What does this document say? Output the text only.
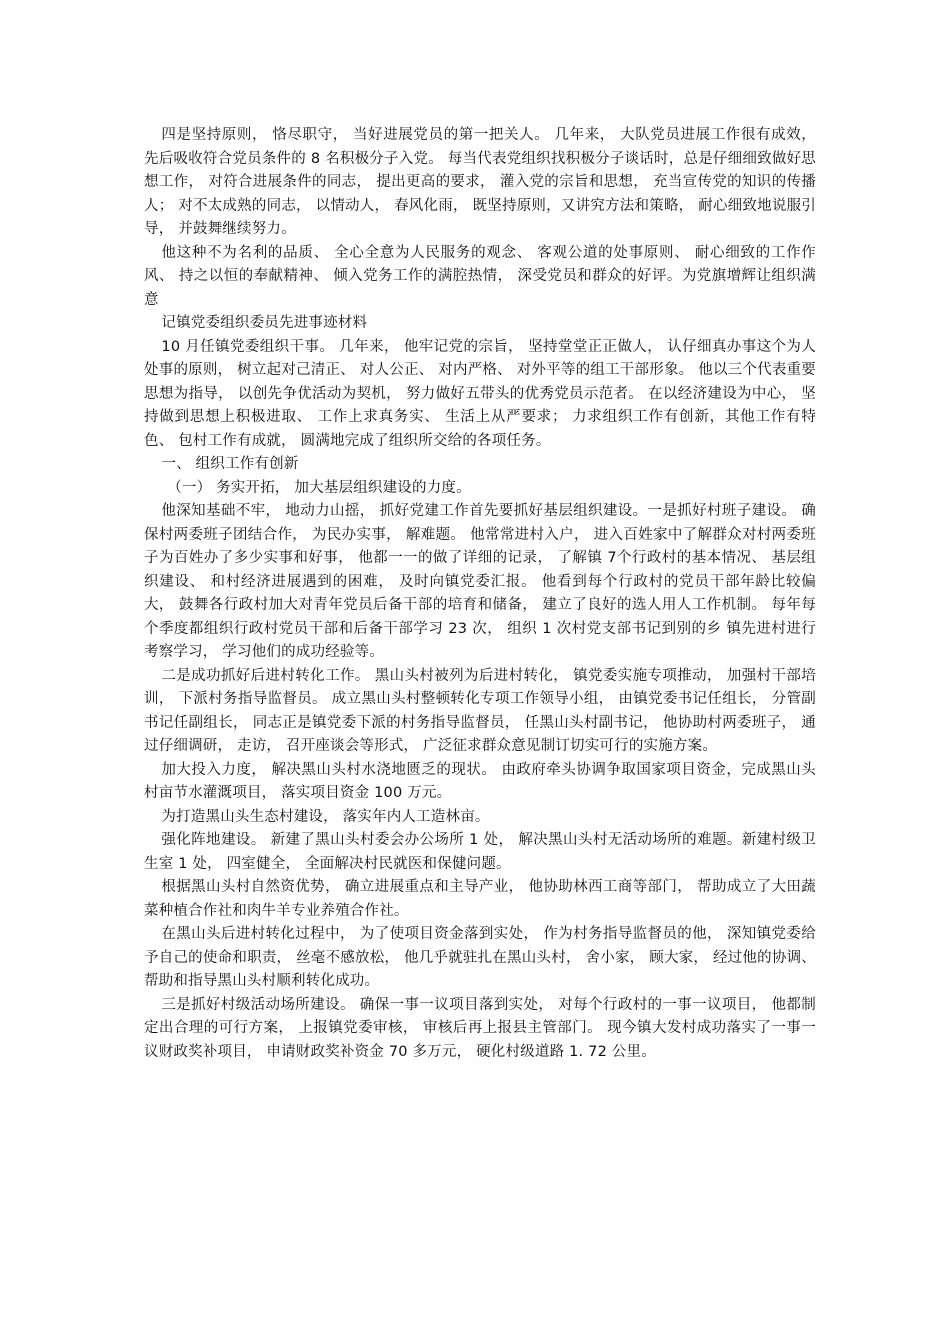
四是坚持原则， 恪尽职守， 当好进展党员的第一把关人。 几年来， 大队党员进展工作很有成效， 先后吸收符合党员条件的 8 名积极分子入党。 每当代表党组织找积极分子谈话时，总是仔细细致做好思想工作， 对符合进展条件的同志， 提出更高的要求， 灌入党的宗旨和思想， 充当宣传党的知识的传播人； 对不太成熟的同志， 以情动人， 春风化雨， 既坚持原则，又讲究方法和策略， 耐心细致地说服引导， 并鼓舞继续努力。

他这种不为名利的品质、 全心全意为人民服务的观念、 客观公道的处事原则、 耐心细致的工作作风、 持之以恒的奉献精神、 倾入党务工作的满腔热情， 深受党员和群众的好评。为党旗增辉让组织满意

记镇党委组织委员先进事迹材料

10 月任镇党委组织干事。 几年来， 他牢记党的宗旨， 坚持堂堂正正做人， 认仔细真办事这个为人处事的原则， 树立起对己清正、 对人公正、 对内严格、 对外平等的组工干部形象。 他以三个代表重要思想为指导， 以创先争优活动为契机， 努力做好五带头的优秀党员示范者。 在以经济建设为中心， 坚持做到思想上积极进取、 工作上求真务实、 生活上从严要求； 力求组织工作有创新，其他工作有特色、 包村工作有成就， 圆满地完成了组织所交给的各项任务。

一、 组织工作有创新

（一） 务实开拓， 加大基层组织建设的力度。

他深知基础不牢， 地动力山摇， 抓好党建工作首先要抓好基层组织建设。一是抓好村班子建设。 确保村两委班子团结合作， 为民办实事， 解难题。 他常常进村入户， 进入百姓家中了解群众对村两委班子为百姓办了多少实事和好事， 他都一一的做了详细的记录， 了解镇 7个行政村的基本情况、 基层组织建设、 和村经济进展遇到的困难， 及时向镇党委汇报。 他看到每个行政村的党员干部年龄比较偏大， 鼓舞各行政村加大对青年党员后备干部的培育和储备， 建立了良好的选人用人工作机制。 每年每个季度都组织行政村党员干部和后备干部学习 23 次， 组织 1 次村党支部书记到别的乡 镇先进村进行考察学习， 学习他们的成功经验等。

二是成功抓好后进村转化工作。 黑山头村被列为后进村转化， 镇党委实施专项推动， 加强村干部培训， 下派村务指导监督员。 成立黑山头村整顿转化专项工作领导小组， 由镇党委书记任组长， 分管副书记任副组长， 同志正是镇党委下派的村务指导监督员， 任黑山头村副书记， 他协助村两委班子， 通过仔细调研， 走访， 召开座谈会等形式， 广泛征求群众意见制订切实可行的实施方案。

加大投入力度， 解决黑山头村水浇地匮乏的现状。 由政府牵头协调争取国家项目资金，完成黑山头村亩节水灌溉项目， 落实项目资金 100 万元。

为打造黑山头生态村建设， 落实年内人工造林亩。

强化阵地建设。 新建了黑山头村委会办公场所 1 处， 解决黑山头村无活动场所的难题。新建村级卫生室 1 处， 四室健全， 全面解决村民就医和保健问题。

根据黑山头村自然资优势， 确立进展重点和主导产业， 他协助林西工商等部门， 帮助成立了大田蔬菜种植合作社和肉牛羊专业养殖合作社。

在黑山头后进村转化过程中， 为了使项目资金落到实处， 作为村务指导监督员的他， 深知镇党委给予自己的使命和职责， 丝毫不感放松， 他几乎就驻扎在黑山头村， 舍小家， 顾大家， 经过他的协调、 帮助和指导黑山头村顺利转化成功。

三是抓好村级活动场所建设。 确保一事一议项目落到实处， 对每个行政村的一事一议项目， 他都制定出合理的可行方案， 上报镇党委审核， 审核后再上报县主管部门。 现今镇大发村成功落实了一事一议财政奖补项目， 申请财政奖补资金 70 多万元， 硬化村级道路 1. 72 公里。
